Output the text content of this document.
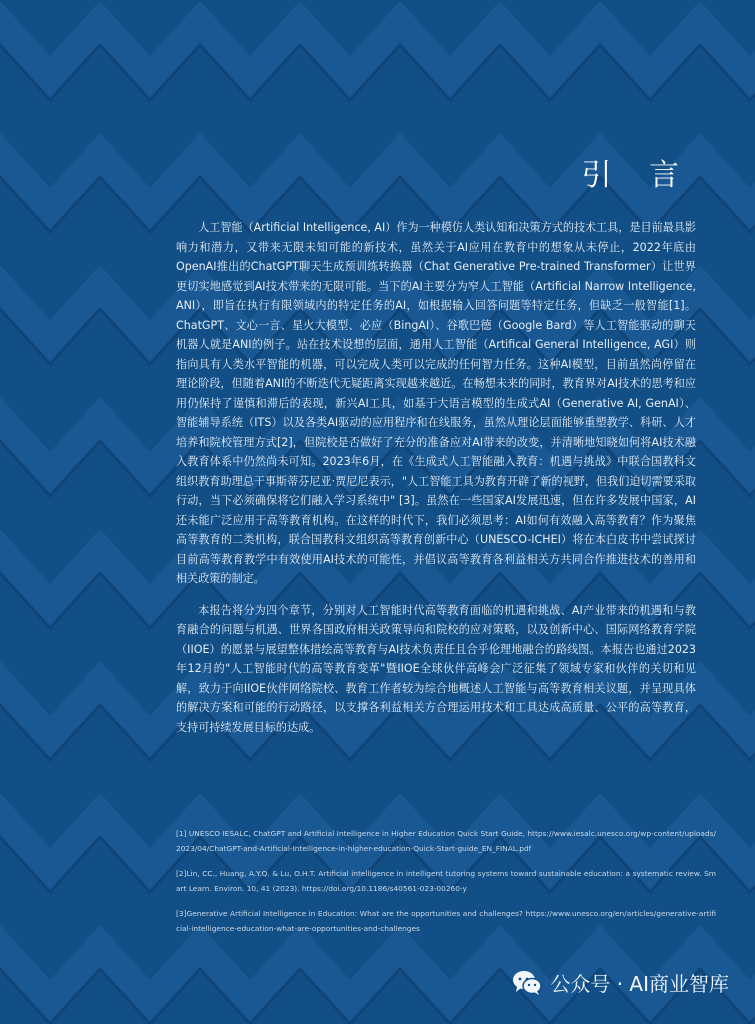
引 言

人工智能（Artificial Intelligence, AI）作为一种模仿人类认知和决策方式的技术工具，是目前最具影响力和潜力，又带来无限未知可能的新技术，虽然关于AI应用在教育中的想象从未停止，2022年底由OpenAI推出的ChatGPT聊天生成预训练转换器（Chat Generative Pre-trained Transformer）让世界更切实地感觉到AI技术带来的无限可能。当下的AI主要分为窄人工智能（Artificial Narrow Intelligence, ANI），即旨在执行有限领域内的特定任务的AI，如根据输入回答问题等特定任务，但缺乏一般智能[1]。ChatGPT、文心一言、星火大模型、必应（BingAI）、谷歌巴德（Google Bard）等人工智能驱动的聊天机器人就是ANI的例子。站在技术设想的层面，通用人工智能（Artifical General Intelligence, AGI）则指向具有人类水平智能的机器，可以完成人类可以完成的任何智力任务。这种AI模型，目前虽然尚停留在理论阶段，但随着ANI的不断迭代无疑距离实现越来越近。在畅想未来的同时，教育界对AI技术的思考和应用仍保持了谨慎和滞后的表现，新兴AI工具，如基于大语言模型的生成式AI（Generative AI, GenAI）、智能辅导系统（ITS）以及各类AI驱动的应用程序和在线服务，虽然从理论层面能够重塑教学、科研、人才培养和院校管理方式[2]，但院校是否做好了充分的准备应对AI带来的改变，并清晰地知晓如何将AI技术融入教育体系中仍然尚未可知。2023年6月，在《生成式人工智能融入教育：机遇与挑战》中联合国教科文组织教育助理总干事斯蒂芬尼亚·贾尼尼表示，"人工智能工具为教育开辟了新的视野，但我们迫切需要采取行动，当下必须确保将它们融入学习系统中" [3]。虽然在一些国家AI发展迅速，但在许多发展中国家，AI还未能广泛应用于高等教育机构。在这样的时代下，我们必须思考：AI如何有效融入高等教育？作为聚焦高等教育的二类机构，联合国教科文组织高等教育创新中心（UNESCO-ICHEI）将在本白皮书中尝试探讨目前高等教育教学中有效使用AI技术的可能性，并倡议高等教育各利益相关方共同合作推进技术的善用和相关政策的制定。

本报告将分为四个章节，分别对人工智能时代高等教育面临的机遇和挑战、AI产业带来的机遇和与教育融合的问题与机遇、世界各国政府相关政策导向和院校的应对策略，以及创新中心、国际网络教育学院（IIOE）的愿景与展望整体措绘高等教育与AI技术负责任且合乎伦理地融合的路线图。本报告也通过2023年12月的"人工智能时代的高等教育变革"暨IIOE全球伙伴高峰会广泛征集了领域专家和伙伴的关切和见解，致力于向IIOE伙伴网络院校、教育工作者较为综合地概述人工智能与高等教育相关议题，并呈现具体的解决方案和可能的行动路径，以支撑各利益相关方合理运用技术和工具达成高质量、公平的高等教育，支持可持续发展目标的达成。

[1] UNESCO IESALC, ChatGPT and Artificial Intelligence in Higher Education Quick Start Guide, https://www.iesalc.unesco.org/wp-content/uploads/2023/04/ChatGPT-and-Artificial-Intelligence-in-higher-education-Quick-Start-guide_EN_FINAL.pdf

[2]Lin, CC., Huang, A.Y.Q. & Lu, O.H.T. Artificial intelligence in intelligent tutoring systems toward sustainable education: a systematic review. Smart Learn. Environ. 10, 41 (2023). https://doi.org/10.1186/s40561-023-00260-y

[3]Generative Artificial Intelligence in Education: What are the opportunities and challenges? https://www.unesco.org/en/articles/generative-artificial-intelligence-education-what-are-opportunities-and-challenges

公众号 · AI商业智库
